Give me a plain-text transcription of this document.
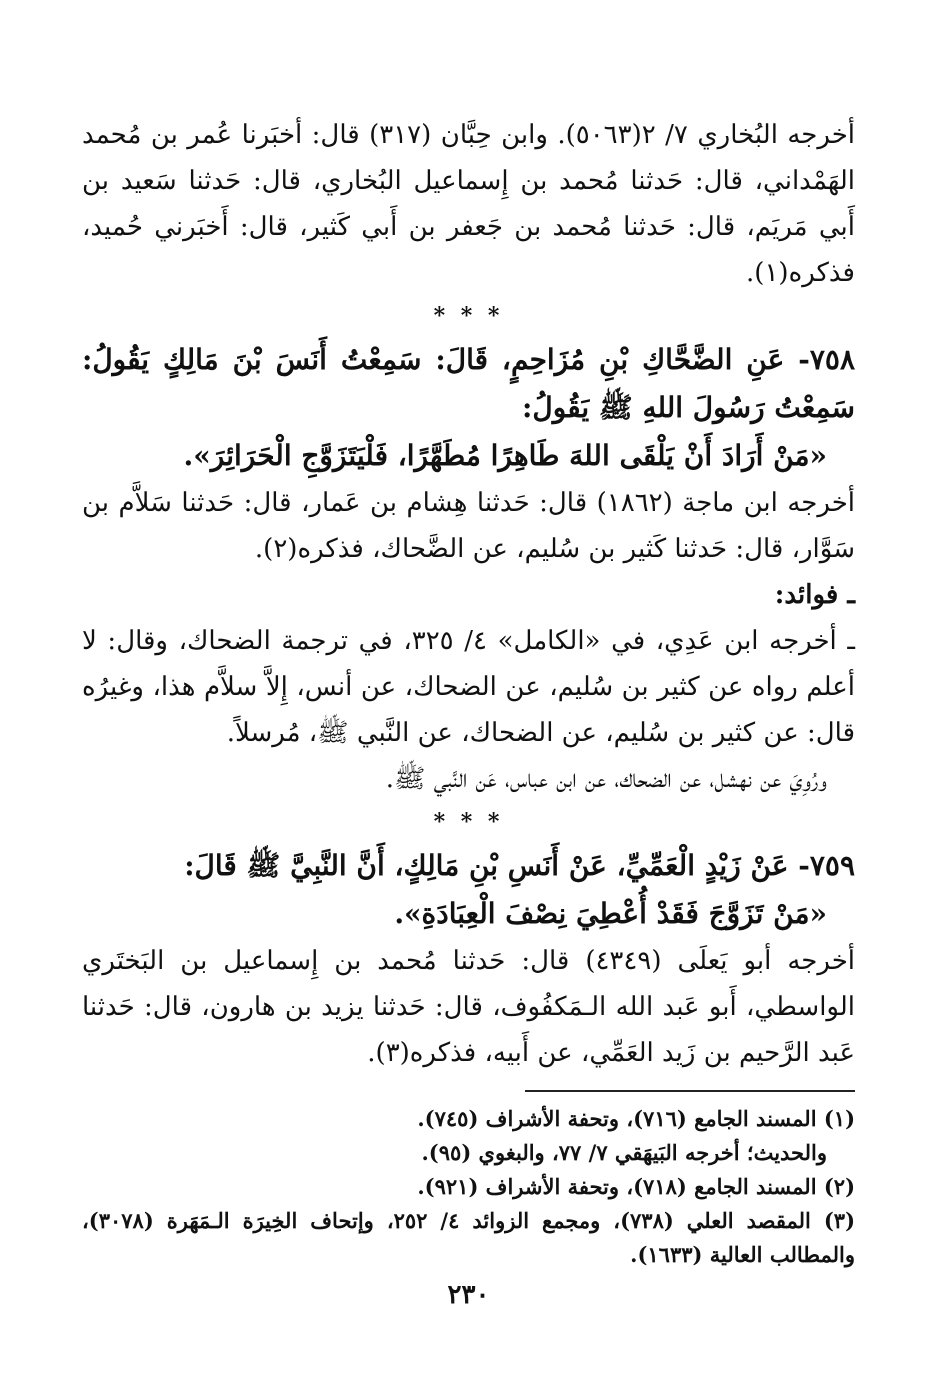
أخرجه البُخاري ٧/ ٢(٥٠٦٣). وابن حِبَّان (٣١٧) قال: أخبَرنا عُمر بن مُحمد الهَمْداني، قال: حَدثنا مُحمد بن إِسماعيل البُخاري، قال: حَدثنا سَعيد بن أَبي مَريَم، قال: حَدثنا مُحمد بن جَعفر بن أَبي كَثير، قال: أَخبَرني حُميد، فذكره(١).

* * *

٧٥٨- عَنِ الضَّحَّاكِ بْنِ مُزَاحِمٍ، قَالَ: سَمِعْتُ أَنَسَ بْنَ مَالِكٍ يَقُولُ: سَمِعْتُ رَسُولَ اللهِ ﷺ يَقُولُ:

«مَنْ أَرَادَ أَنْ يَلْقَى اللهَ طَاهِرًا مُطَهَّرًا، فَلْيَتَزَوَّجِ الْحَرَائِرَ».

أخرجه ابن ماجة (١٨٦٢) قال: حَدثنا هِشام بن عَمار، قال: حَدثنا سَلاَّم بن سَوَّار، قال: حَدثنا كَثير بن سُليم، عن الضَّحاك، فذكره(٢).

ـ فوائد:

ـ أخرجه ابن عَدِي، في «الكامل» ٤/ ٣٢٥، في ترجمة الضحاك، وقال: لا أعلم رواه عن كثير بن سُليم، عن الضحاك، عن أنس، إِلاَّ سلاَّم هذا، وغيرُه قال: عن كثير بن سُليم، عن الضحاك، عن النَّبي ﷺ، مُرسلاً.

ورُوِيَ عن نهشل، عن الضحاك، عن ابن عباس، عَن النَّبي ﷺ.

* * *

٧٥٩- عَنْ زَيْدٍ الْعَمِّيِّ، عَنْ أَنَسِ بْنِ مَالِكٍ، أَنَّ النَّبِيَّ ﷺ قَالَ:

«مَنْ تَزَوَّجَ فَقَدْ أُعْطِيَ نِصْفَ الْعِبَادَةِ».

أخرجه أبو يَعلَى (٤٣٤٩) قال: حَدثنا مُحمد بن إِسماعيل بن البَختَري الواسطي، أَبو عَبد الله الـمَكفُوف، قال: حَدثنا يزيد بن هارون، قال: حَدثنا عَبد الرَّحيم بن زَيد العَمِّي، عن أَبيه، فذكره(٣).

(١) المسند الجامع (٧١٦)، وتحفة الأشراف (٧٤٥).

والحديث؛ أخرجه البَيهَقي ٧/ ٧٧، والبغوي (٩٥).

(٢) المسند الجامع (٧١٨)، وتحفة الأشراف (٩٢١).

(٣) المقصد العلي (٧٣٨)، ومجمع الزوائد ٤/ ٢٥٢، وإتحاف الخِيرَة الـمَهَرة (٣٠٧٨)، والمطالب العالية (١٦٣٣).

٢٣٠
